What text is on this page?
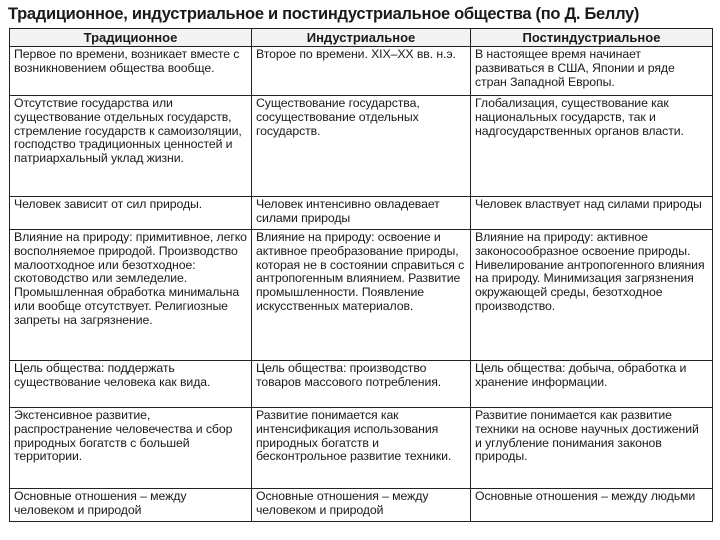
Традиционное, индустриальное и постиндустриальное общества (по Д. Беллу)
Традиционное	Индустриальное	Постиндустриальное
Первое по времени, возникает вместе с возникновением общества вообще.	Второе по времени. XIX–XX вв. н.э.	В настоящее время начинает развиваться в США, Японии и ряде стран Западной Европы.
Отсутствие государства или существование отдельных государств, стремление государств к самоизоляции, господство традиционных ценностей и патриархальный уклад жизни.	Существование государства, сосуществование отдельных государств.	Глобализация, существование как национальных государств, так и надгосударственных органов власти.
Человек зависит от сил природы.	Человек интенсивно овладевает силами природы	Человек властвует над силами природы
Влияние на природу: примитивное, легко восполняемое природой. Производство малоотходное или безотходное: скотоводство или земледелие. Промышленная обработка минимальна или вообще отсутствует. Религиозные запреты на загрязнение.	Влияние на природу: освоение и активное преобразование природы, которая не в состоянии справиться с антропогенным влиянием. Развитие промышленности. Появление искусственных материалов.	Влияние на природу: активное законосообразное освоение природы. Нивелирование антропогенного влияния на природу. Минимизация загрязнения окружающей среды, безотходное производство.
Цель общества: поддержать существование человека как вида.	Цель общества: производство товаров массового потребления.	Цель общества: добыча, обработка и хранение информации.
Экстенсивное развитие, распространение человечества и сбор природных богатств с большей территории.	Развитие понимается как интенсификация использования природных богатств и бесконтрольное развитие техники.	Развитие понимается как развитие техники на основе научных достижений и углубление понимания законов природы.
Основные отношения – между человеком и природой	Основные отношения – между человеком и природой	Основные отношения – между людьми
